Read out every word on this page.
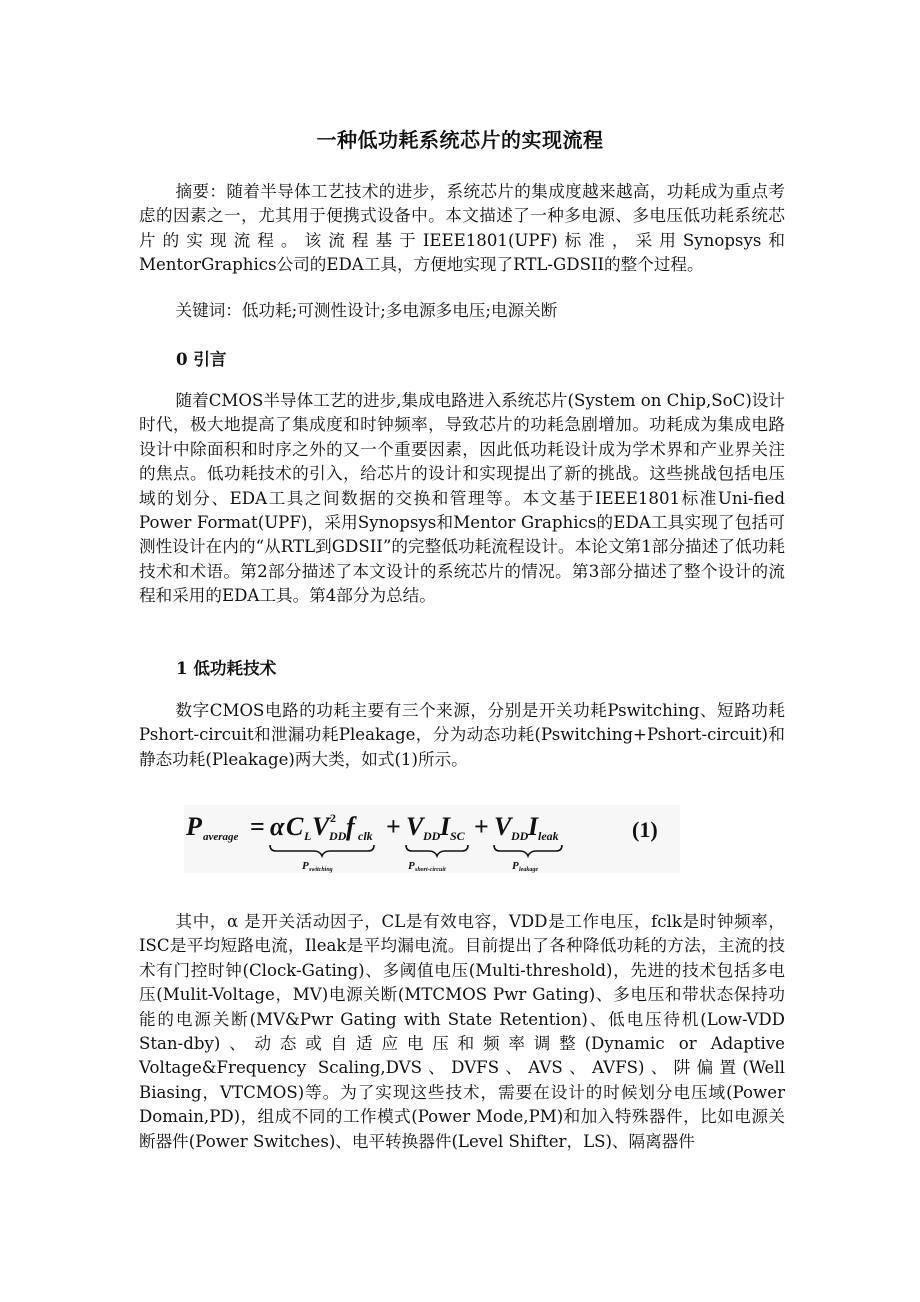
一种低功耗系统芯片的实现流程

摘要：随着半导体工艺技术的进步，系统芯片的集成度越来越高，功耗成为重点考虑的因素之一，尤其用于便携式设备中。本文描述了一种多电源、多电压低功耗系统芯片的实现流程。该流程基于IEEE1801(UPF)标准，采用Synopsys和MentorGraphics公司的EDA工具，方便地实现了RTL-GDSII的整个过程。

关键词：低功耗;可测性设计;多电源多电压;电源关断

0 引言

随着CMOS半导体工艺的进步,集成电路进入系统芯片(System on Chip,SoC)设计时代，极大地提高了集成度和时钟频率，导致芯片的功耗急剧增加。功耗成为集成电路设计中除面积和时序之外的又一个重要因素，因此低功耗设计成为学术界和产业界关注的焦点。低功耗技术的引入，给芯片的设计和实现提出了新的挑战。这些挑战包括电压域的划分、EDA工具之间数据的交换和管理等。本文基于IEEE1801标准Uni-fied Power Format(UPF)，采用Synopsys和Mentor Graphics的EDA工具实现了包括可测性设计在内的“从RTL到GDSII”的完整低功耗流程设计。本论文第1部分描述了低功耗技术和术语。第2部分描述了本文设计的系统芯片的情况。第3部分描述了整个设计的流程和采用的EDA工具。第4部分为总结。

1 低功耗技术

数字CMOS电路的功耗主要有三个来源，分别是开关功耗Pswitching、短路功耗Pshort-circuit和泄漏功耗Pleakage，分为动态功耗(Pswitching+Pshort-circuit)和静态功耗(Pleakage)两大类，如式(1)所示。

P average = α C L V 2
DD f clk + V DD I SC + V DD I leak	(1)
P switching	P short-circuit	P leakage

其中，α 是开关活动因子，CL是有效电容，VDD是工作电压，fclk是时钟频率，ISC是平均短路电流，Ileak是平均漏电流。目前提出了各种降低功耗的方法，主流的技术有门控时钟(Clock-Gating)、多阈值电压(Multi-threshold)，先进的技术包括多电压(Mulit-Voltage，MV)电源关断(MTCMOS Pwr Gating)、多电压和带状态保持功能的电源关断(MV&Pwr Gating with State Retention)、低电压待机(Low-VDD Stan-dby)、动态或自适应电压和频率调整(Dynamic or Adaptive Voltage&Frequency Scaling,DVS、DVFS、AVS、AVFS)、阱偏置(Well Biasing，VTCMOS)等。为了实现这些技术，需要在设计的时候划分电压域(Power Domain,PD)，组成不同的工作模式(Power Mode,PM)和加入特殊器件，比如电源关断器件(Power Switches)、电平转换器件(Level Shifter，LS)、隔离器件
